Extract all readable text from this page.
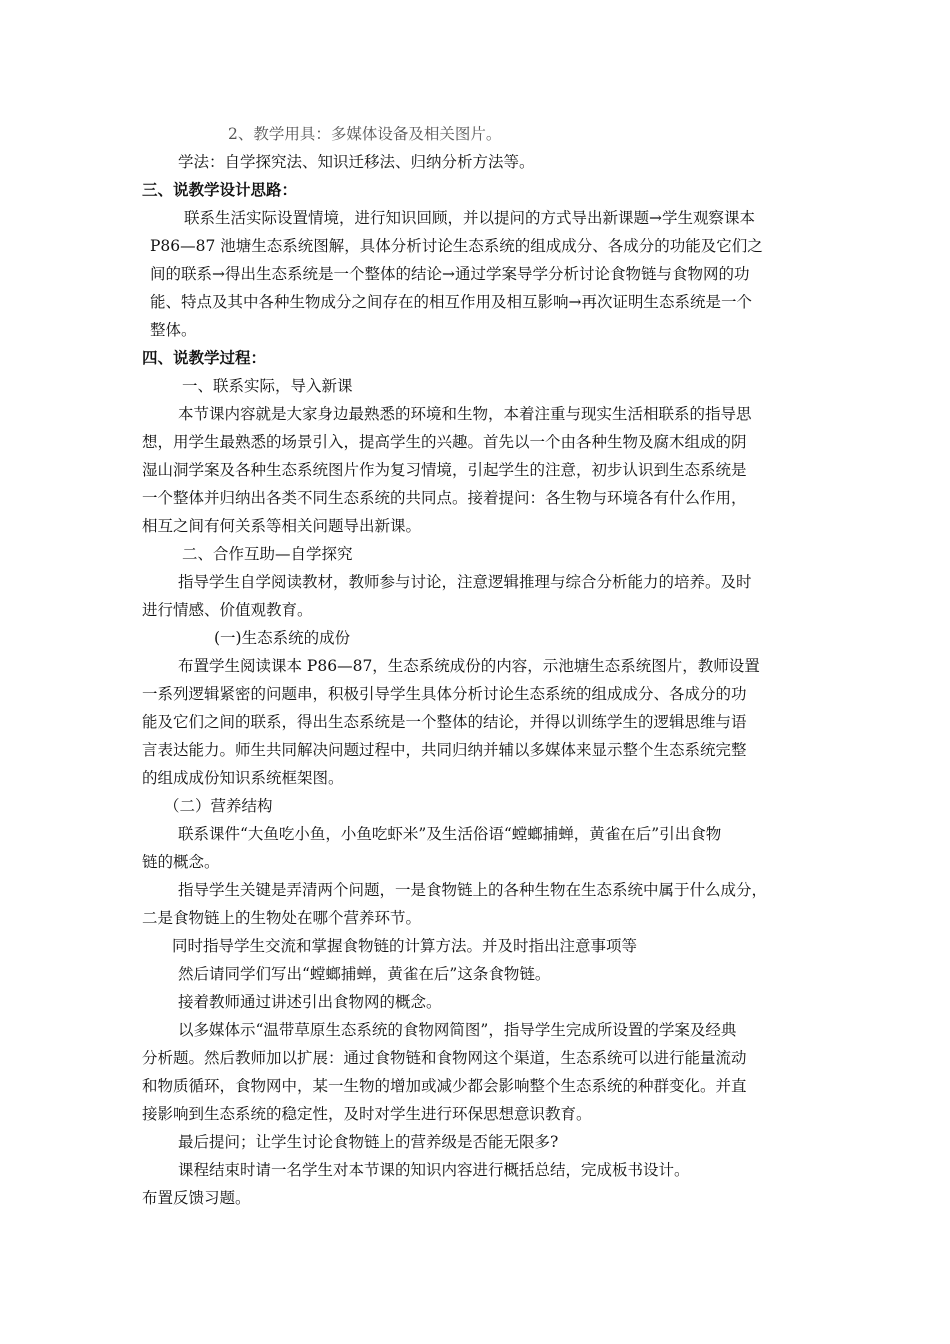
2、教学用具：多媒体设备及相关图片。
学法：自学探究法、知识迁移法、归纳分析方法等。
三、说教学设计思路：
联系生活实际设置情境，进行知识回顾，并以提问的方式导出新课题→学生观察课本
P86—87 池塘生态系统图解，具体分析讨论生态系统的组成成分、各成分的功能及它们之
间的联系→得出生态系统是一个整体的结论→通过学案导学分析讨论食物链与食物网的功
能、特点及其中各种生物成分之间存在的相互作用及相互影响→再次证明生态系统是一个
整体。
四、说教学过程：
一、联系实际，导入新课
本节课内容就是大家身边最熟悉的环境和生物，本着注重与现实生活相联系的指导思
想，用学生最熟悉的场景引入，提高学生的兴趣。首先以一个由各种生物及腐木组成的阴
湿山洞学案及各种生态系统图片作为复习情境，引起学生的注意，初步认识到生态系统是
一个整体并归纳出各类不同生态系统的共同点。接着提问：各生物与环境各有什么作用，
相互之间有何关系等相关问题导出新课。
二、合作互助—自学探究
指导学生自学阅读教材，教师参与讨论，注意逻辑推理与综合分析能力的培养。及时
进行情感、价值观教育。
(一)生态系统的成份
布置学生阅读课本 P86—87，生态系统成份的内容，示池塘生态系统图片，教师设置
一系列逻辑紧密的问题串，积极引导学生具体分析讨论生态系统的组成成分、各成分的功
能及它们之间的联系，得出生态系统是一个整体的结论，并得以训练学生的逻辑思维与语
言表达能力。师生共同解决问题过程中，共同归纳并辅以多媒体来显示整个生态系统完整
的组成成份知识系统框架图。
（二）营养结构
联系课件“大鱼吃小鱼，小鱼吃虾米”及生活俗语“螳螂捕蝉，黄雀在后”引出食物
链的概念。
指导学生关键是弄清两个问题，一是食物链上的各种生物在生态系统中属于什么成分，
二是食物链上的生物处在哪个营养环节。
同时指导学生交流和掌握食物链的计算方法。并及时指出注意事项等
然后请同学们写出“螳螂捕蝉，黄雀在后”这条食物链。
接着教师通过讲述引出食物网的概念。
以多媒体示“温带草原生态系统的食物网简图”，指导学生完成所设置的学案及经典
分析题。然后教师加以扩展：通过食物链和食物网这个渠道，生态系统可以进行能量流动
和物质循环，食物网中，某一生物的增加或减少都会影响整个生态系统的种群变化。并直
接影响到生态系统的稳定性，及时对学生进行环保思想意识教育。
最后提问；让学生讨论食物链上的营养级是否能无限多?
课程结束时请一名学生对本节课的知识内容进行概括总结，完成板书设计。
布置反馈习题。
